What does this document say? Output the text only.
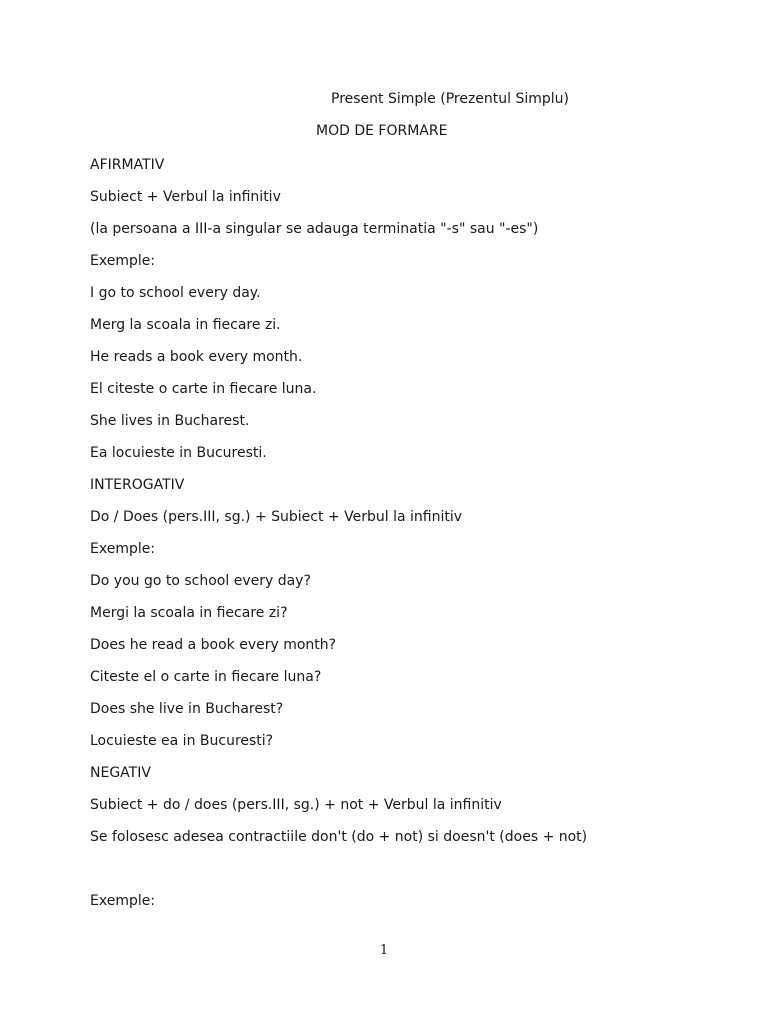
Present Simple (Prezentul Simplu)
MOD DE FORMARE
AFIRMATIV
Subiect + Verbul la infinitiv
(la persoana a III-a singular se adauga terminatia "-s" sau "-es")
Exemple:
I go to school every day.
Merg la scoala in fiecare zi.
He reads a book every month.
El citeste o carte in fiecare luna.
She lives in Bucharest.
Ea locuieste in Bucuresti.
INTEROGATIV
Do / Does (pers.III, sg.) + Subiect + Verbul la infinitiv
Exemple:
Do you go to school every day?
Mergi la scoala in fiecare zi?
Does he read a book every month?
Citeste el o carte in fiecare luna?
Does she live in Bucharest?
Locuieste ea in Bucuresti?
NEGATIV
Subiect + do / does (pers.III, sg.) + not + Verbul la infinitiv
Se folosesc adesea contractiile don't (do + not) si doesn't (does + not)
Exemple:
1
